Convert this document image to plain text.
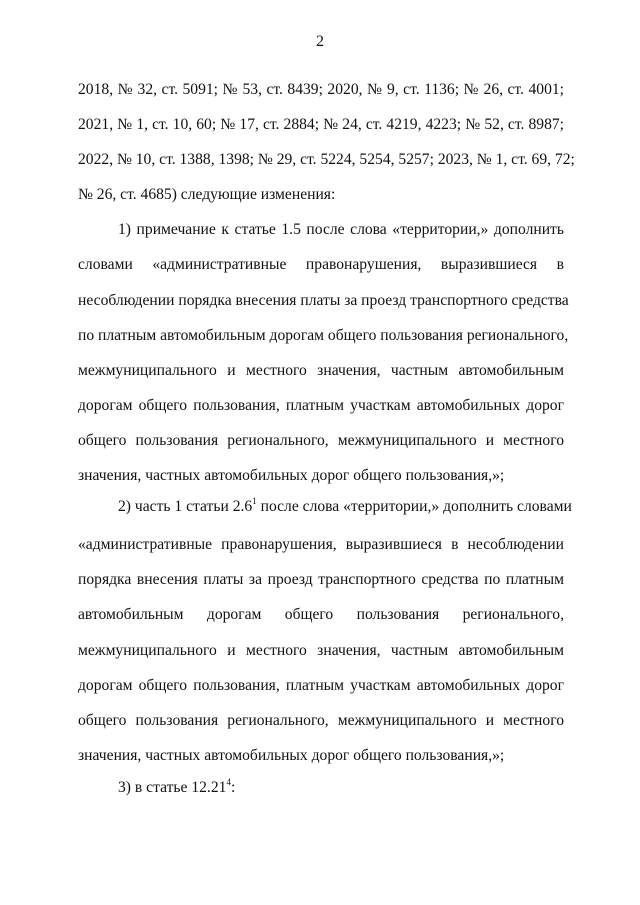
2
2018, № 32, ст. 5091; № 53, ст. 8439; 2020, № 9, ст. 1136; № 26, ст. 4001;
2021, № 1, ст. 10, 60; № 17, ст. 2884; № 24, ст. 4219, 4223; № 52, ст. 8987;
2022, № 10, ст. 1388, 1398; № 29, ст. 5224, 5254, 5257; 2023, № 1, ст. 69, 72;
№ 26, ст. 4685) следующие изменения:
1) примечание к статье 1.5 после слова «территории,» дополнить
словами «административные правонарушения, выразившиеся в
несоблюдении порядка внесения платы за проезд транспортного средства
по платным автомобильным дорогам общего пользования регионального,
межмуниципального и местного значения, частным автомобильным
дорогам общего пользования, платным участкам автомобильных дорог
общего пользования регионального, межмуниципального и местного
значения, частных автомобильных дорог общего пользования,»;
2) часть 1 статьи $2.6^1$ после слова «территории,» дополнить словами
«административные правонарушения, выразившиеся в несоблюдении
порядка внесения платы за проезд транспортного средства по платным
автомобильным дорогам общего пользования регионального,
межмуниципального и местного значения, частным автомобильным
дорогам общего пользования, платным участкам автомобильных дорог
общего пользования регионального, межмуниципального и местного
значения, частных автомобильных дорог общего пользования,»;
3) в статье 12.21$^4$:
